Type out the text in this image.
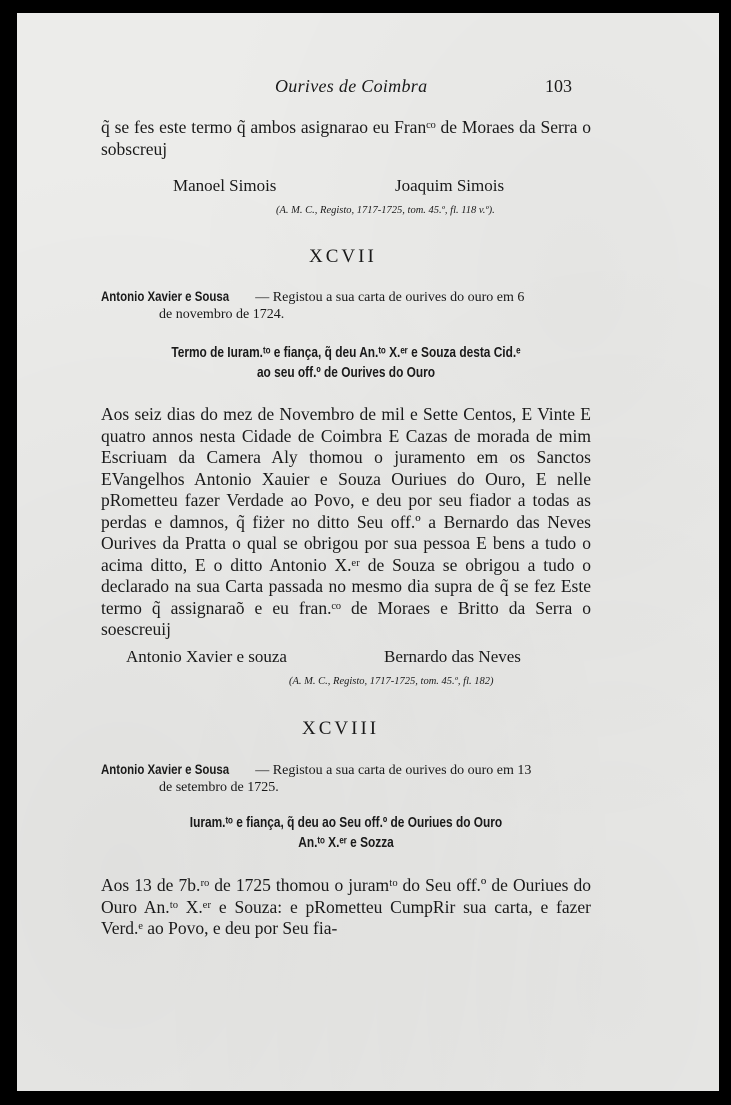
Ourives de Coimbra	103

q̃ se fes este termo q̃ ambos asignarao eu Franᶜᵒ de Moraes da Serra o sobscreuj

Manoel Simois	Joaquim Simois
(A. M. C., Registo, 1717-1725, tom. 45.º, fl. 118 v.º).
XCVII
Antonio Xavier e Sousa — Registou a sua carta de ourives do ouro em 6
de novembro de 1724.
Termo de Iuram.ᵗᵒ e fiança, q̃ deu An.ᵗᵒ X.ᵉʳ e Souza desta Cid.ᵉ
ao seu off.º de Ourives do Ouro

Aos seiz dias do mez de Novembro de mil e Sette Centos, E Vinte E quatro annos nesta Cidade de Coimbra E Cazas de morada de mim Escriuam da Camera Aly thomou o juramento em os Sanctos EVangelhos Antonio Xauier e Souza Ouriues do Ouro, E nelle pRometteu fazer Verdade ao Povo, e deu por seu fiador a todas as perdas e damnos, q̃ fiżer no ditto Seu off.º a Bernardo das Neves Ourives da Pratta o qual se obrigou por sua pessoa E bens a tudo o acima ditto, E o ditto Antonio X.ᵉʳ de Souza se obrigou a tudo o declarado na sua Carta passada no mesmo dia supra de q̃ se fez Este termo q̃ assignaraõ e eu fran.ᶜᵒ de Moraes e Britto da Serra o soescreuij

Antonio Xavier e souza	Bernardo das Neves
(A. M. C., Registo, 1717-1725, tom. 45.º, fl. 182)
XCVIII
Antonio Xavier e Sousa — Registou a sua carta de ourives do ouro em 13
de setembro de 1725.
Iuram.ᵗᵒ e fiança, q̃ deu ao Seu off.º de Ouriues do Ouro
An.ᵗᵒ X.ᵉʳ e Sozza

Aos 13 de 7b.ʳᵒ de 1725 thomou o juramᵗᵒ do Seu off.º de Ouriues do Ouro An.ᵗᵒ X.ᵉʳ e Souza: e pRometteu CumpRir sua carta, e fazer Verd.ᵉ ao Povo, e deu por Seu fia-
